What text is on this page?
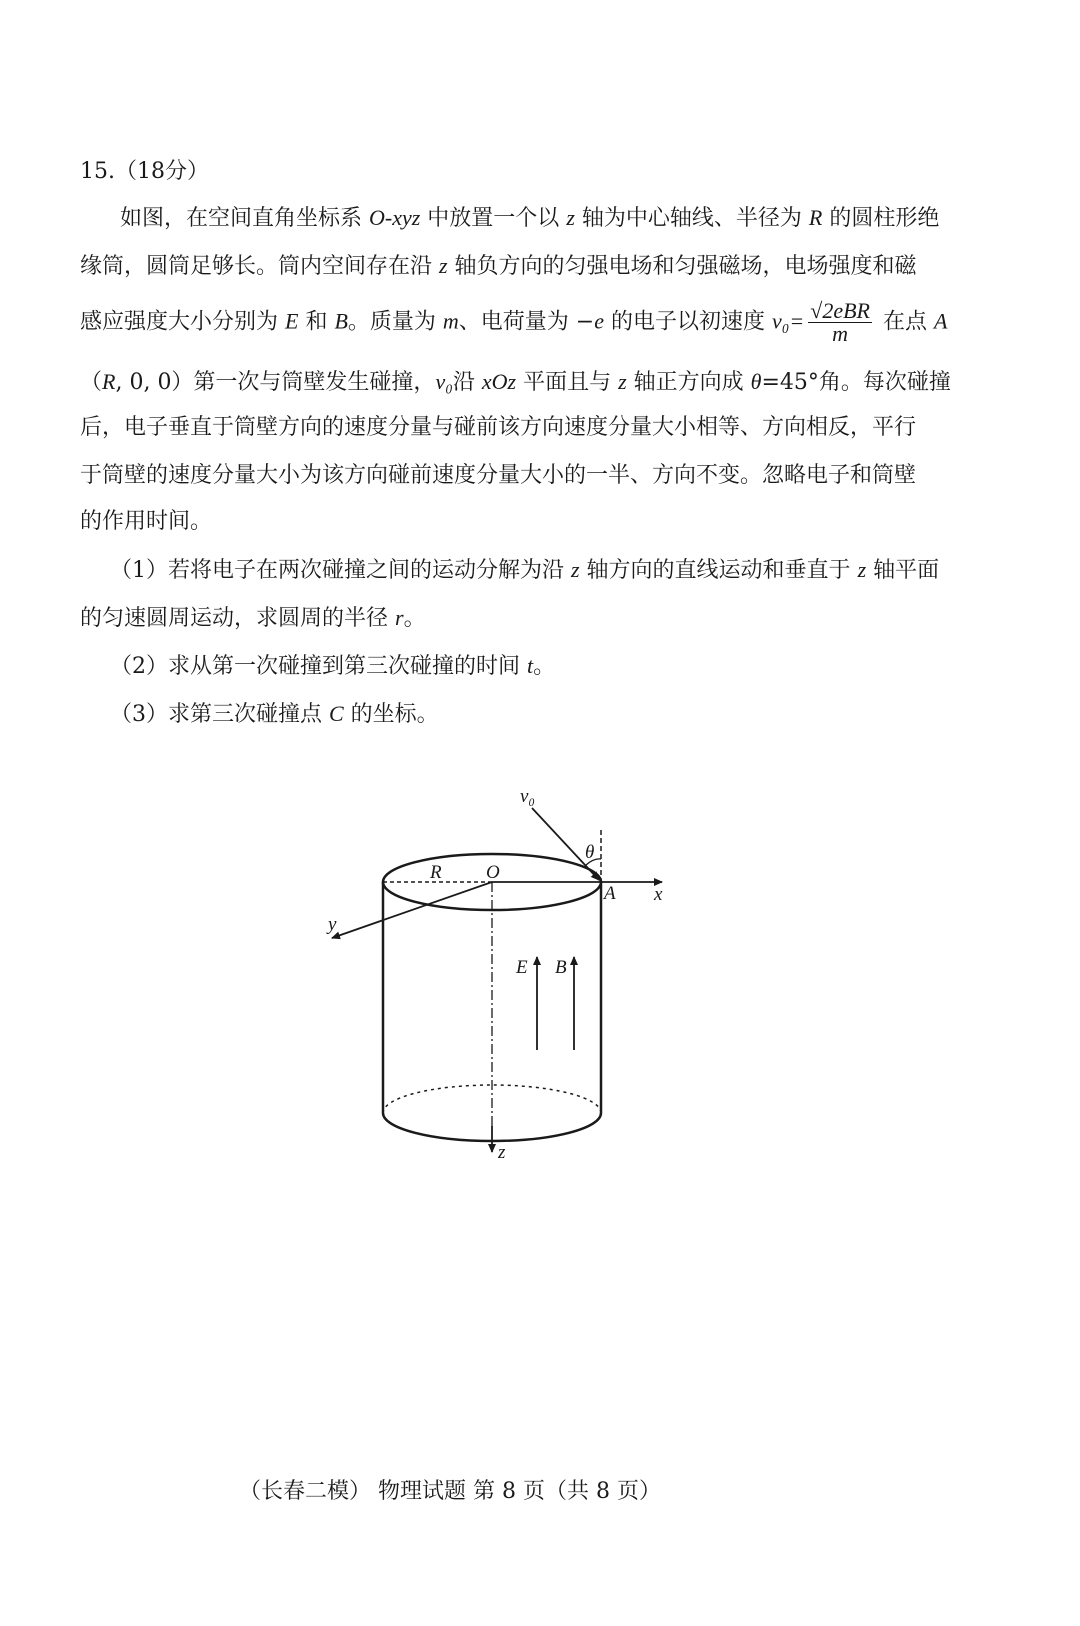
15.（18分）
如图，在空间直角坐标系 O-xyz 中放置一个以 z 轴为中心轴线、半径为 R 的圆柱形绝
缘筒，圆筒足够长。筒内空间存在沿 z 轴负方向的匀强电场和匀强磁场，电场强度和磁
感应强度大小分别为 E 和 B。质量为 m、电荷量为 −e 的电子以初速度 $v_0= \frac{\text{√2eBR}}{m}$ 在点 A
（R, 0, 0）第一次与筒壁发生碰撞，v₀沿 xOz 平面且与 z 轴正方向成 θ=45°角。每次碰撞
后，电子垂直于筒壁方向的速度分量与碰前该方向速度分量大小相等、方向相反，平行
于筒壁的速度分量大小为该方向碰前速度分量大小的一半、方向不变。忽略电子和筒壁
的作用时间。
（1）若将电子在两次碰撞之间的运动分解为沿 z 轴方向的直线运动和垂直于 z 轴平面
的匀速圆周运动，求圆周的半径 r。
（2）求从第一次碰撞到第三次碰撞的时间 t。
（3）求第三次碰撞点 C 的坐标。
v₀
θ
R O
A x
y
E B
z
（长春二模） 物理试题 第 8 页（共 8 页）
